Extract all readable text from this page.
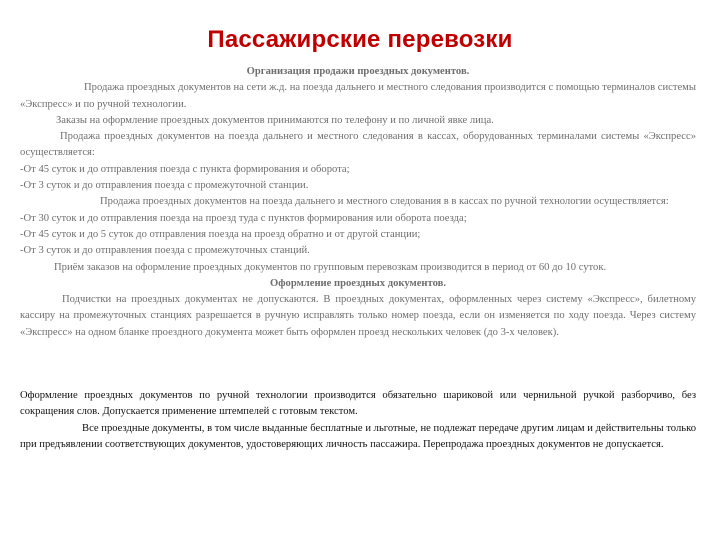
Пассажирские перевозки

Организация продажи проездных документов.

Продажа проездных документов на сети ж.д. на поезда дальнего и местного следования производится с помощью терминалов системы «Экспресс» и по ручной технологии.

Заказы на оформление проездных документов принимаются по телефону и по личной явке лица.

Продажа проездных документов на поезда дальнего и местного следования в кассах, оборудованных терминалами системы «Экспресс» осуществляется:

-От 45 суток и до отправления поезда с пункта формирования и оборота;

-От 3 суток и до отправления поезда с промежуточной станции.

Продажа проездных документов на поезда дальнего и местного следования в в кассах по ручной технологии осуществляется:

-От 30 суток и до отправления поезда на проезд туда с пунктов формирования или оборота поезда;

-От 45 суток и до 5 суток до отправления поезда на проезд обратно и от другой станции;

-От 3 суток и до отправления поезда с промежуточных станций.

Приём заказов на оформление проездных документов по групповым перевозкам производится в период от 60 до 10 суток.

Оформление проездных документов.

Подчистки на проездных документах не допускаются. В проездных документах, оформленных через систему «Экспресс», билетному кассиру на промежуточных станциях разрешается в ручную исправлять только номер поезда, если он изменяется по ходу поезда. Через систему «Экспресс» на одном бланке проездного документа может быть оформлен проезд нескольких человек (до 3-х человек).

Оформление проездных документов по ручной технологии производится обязательно шариковой или чернильной ручкой разборчиво, без сокращения слов. Допускается применение штемпелей с готовым текстом.

Все проездные документы, в том числе выданные бесплатные и льготные, не подлежат передаче другим лицам и действительны только при предъявлении соответствующих документов, удостоверяющих личность пассажира. Перепродажа проездных документов не допускается.
